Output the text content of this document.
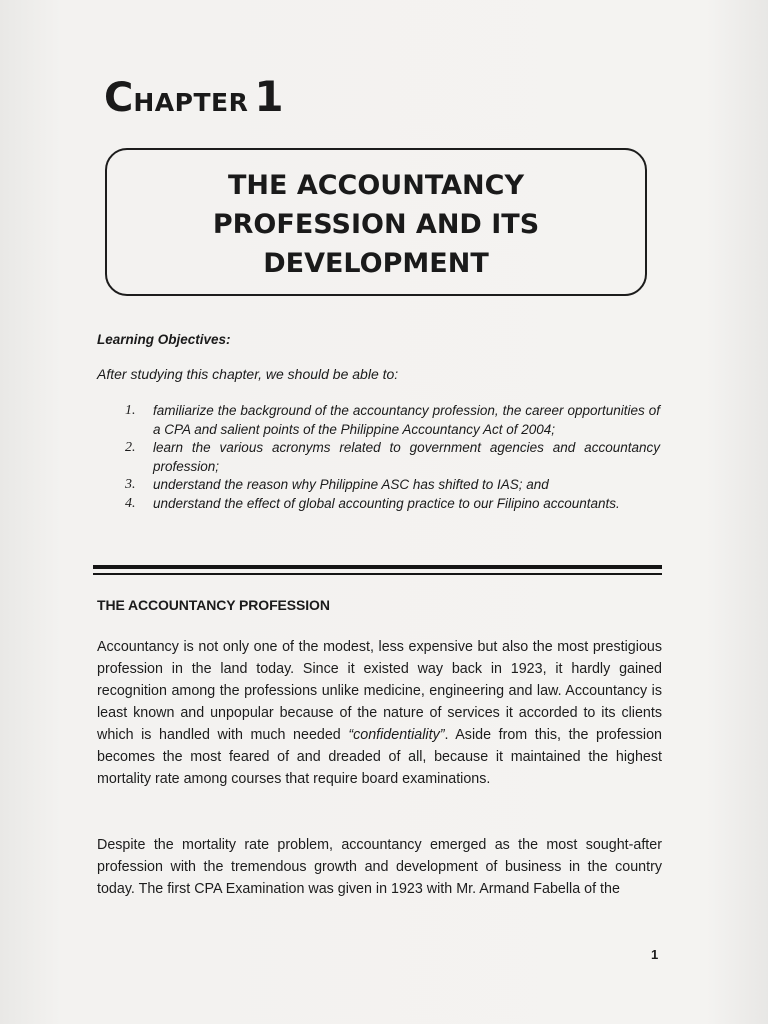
CHAPTER 1
THE ACCOUNTANCY
PROFESSION AND ITS
DEVELOPMENT
Learning Objectives:
After studying this chapter, we should be able to:
1. familiarize the background of the accountancy profession, the career opportunities of a CPA and salient points of the Philippine Accountancy Act of 2004;
2. learn the various acronyms related to government agencies and accountancy profession;
3. understand the reason why Philippine ASC has shifted to IAS; and
4. understand the effect of global accounting practice to our Filipino accountants.
THE ACCOUNTANCY PROFESSION
Accountancy is not only one of the modest, less expensive but also the most prestigious profession in the land today. Since it existed way back in 1923, it hardly gained recognition among the professions unlike medicine, engineering and law. Accountancy is least known and unpopular because of the nature of services it accorded to its clients which is handled with much needed “confidentiality”. Aside from this, the profession becomes the most feared of and dreaded of all, because it maintained the highest mortality rate among courses that require board examinations.
Despite the mortality rate problem, accountancy emerged as the most sought-after profession with the tremendous growth and development of business in the country today. The first CPA Examination was given in 1923 with Mr. Armand Fabella of the
1
